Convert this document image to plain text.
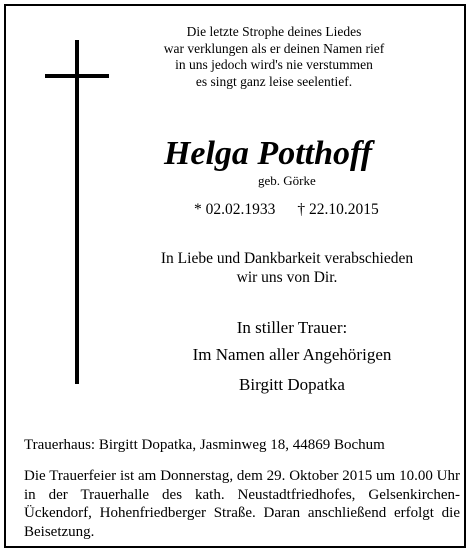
Die letzte Strophe deines Liedes
war verklungen als er deinen Namen rief
in uns jedoch wird's nie verstummen
es singt ganz leise seelentief.
Helga Potthoff
geb. Görke
* 02.02.1933 † 22.10.2015
In Liebe und Dankbarkeit verabschieden
wir uns von Dir.
In stiller Trauer:
Im Namen aller Angehörigen
Birgitt Dopatka
Trauerhaus: Birgitt Dopatka, Jasminweg 18, 44869 Bochum
Die Trauerfeier ist am Donnerstag, dem 29. Oktober 2015 um 10.00 Uhr in der Trauerhalle des kath. Neustadtfriedhofes, Gelsenkirchen-Ückendorf, Hohenfriedberger Straße. Daran anschließend erfolgt die Beisetzung.
